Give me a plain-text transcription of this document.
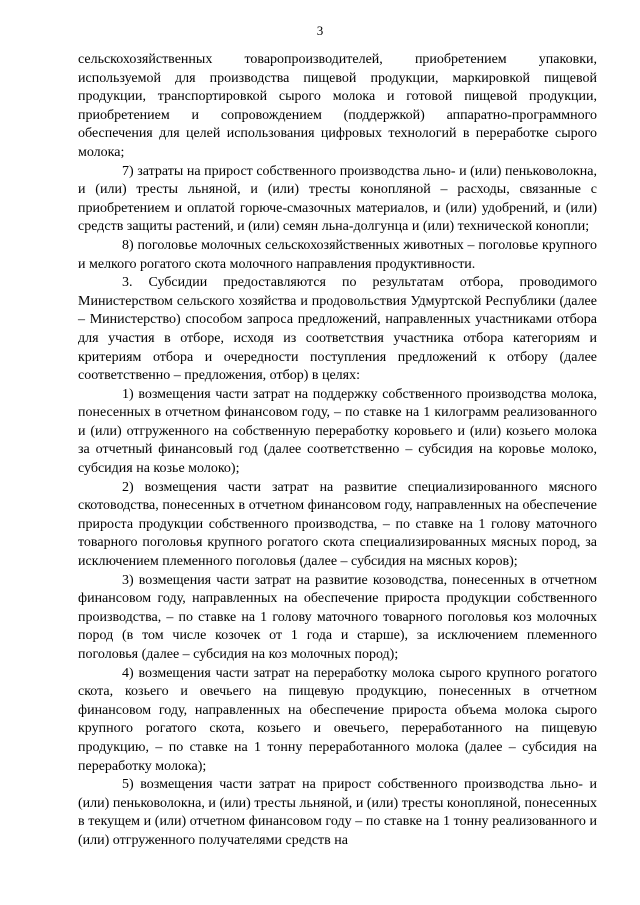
3

сельскохозяйственных товаропроизводителей, приобретением упаковки, используемой для производства пищевой продукции, маркировкой пищевой продукции, транспортировкой сырого молока и готовой пищевой продукции, приобретением и сопровождением (поддержкой) аппаратно-программного обеспечения для целей использования цифровых технологий в переработке сырого молока;

7) затраты на прирост собственного производства льно- и (или) пеньковолокна, и (или) тресты льняной, и (или) тресты конопляной – расходы, связанные с приобретением и оплатой горюче-смазочных материалов, и (или) удобрений, и (или) средств защиты растений, и (или) семян льна-долгунца и (или) технической конопли;

8) поголовье молочных сельскохозяйственных животных – поголовье крупного и мелкого рогатого скота молочного направления продуктивности.

3. Субсидии предоставляются по результатам отбора, проводимого Министерством сельского хозяйства и продовольствия Удмуртской Республики (далее – Министерство) способом запроса предложений, направленных участниками отбора для участия в отборе, исходя из соответствия участника отбора категориям и критериям отбора и очередности поступления предложений к отбору (далее соответственно – предложения, отбор) в целях:

1) возмещения части затрат на поддержку собственного производства молока, понесенных в отчетном финансовом году, – по ставке на 1 килограмм реализованного и (или) отгруженного на собственную переработку коровьего и (или) козьего молока за отчетный финансовый год (далее соответственно – субсидия на коровье молоко, субсидия на козье молоко);

2) возмещения части затрат на развитие специализированного мясного скотоводства, понесенных в отчетном финансовом году, направленных на обеспечение прироста продукции собственного производства, – по ставке на 1 голову маточного товарного поголовья крупного рогатого скота специализированных мясных пород, за исключением племенного поголовья (далее – субсидия на мясных коров);

3) возмещения части затрат на развитие козоводства, понесенных в отчетном финансовом году, направленных на обеспечение прироста продукции собственного производства, – по ставке на 1 голову маточного товарного поголовья коз молочных пород (в том числе козочек от 1 года и старше), за исключением племенного поголовья (далее – субсидия на коз молочных пород);

4) возмещения части затрат на переработку молока сырого крупного рогатого скота, козьего и овечьего на пищевую продукцию, понесенных в отчетном финансовом году, направленных на обеспечение прироста объема молока сырого крупного рогатого скота, козьего и овечьего, переработанного на пищевую продукцию, – по ставке на 1 тонну переработанного молока (далее – субсидия на переработку молока);

5) возмещения части затрат на прирост собственного производства льно- и (или) пеньковолокна, и (или) тресты льняной, и (или) тресты конопляной, понесенных в текущем и (или) отчетном финансовом году – по ставке на 1 тонну реализованного и (или) отгруженного получателями средств на
